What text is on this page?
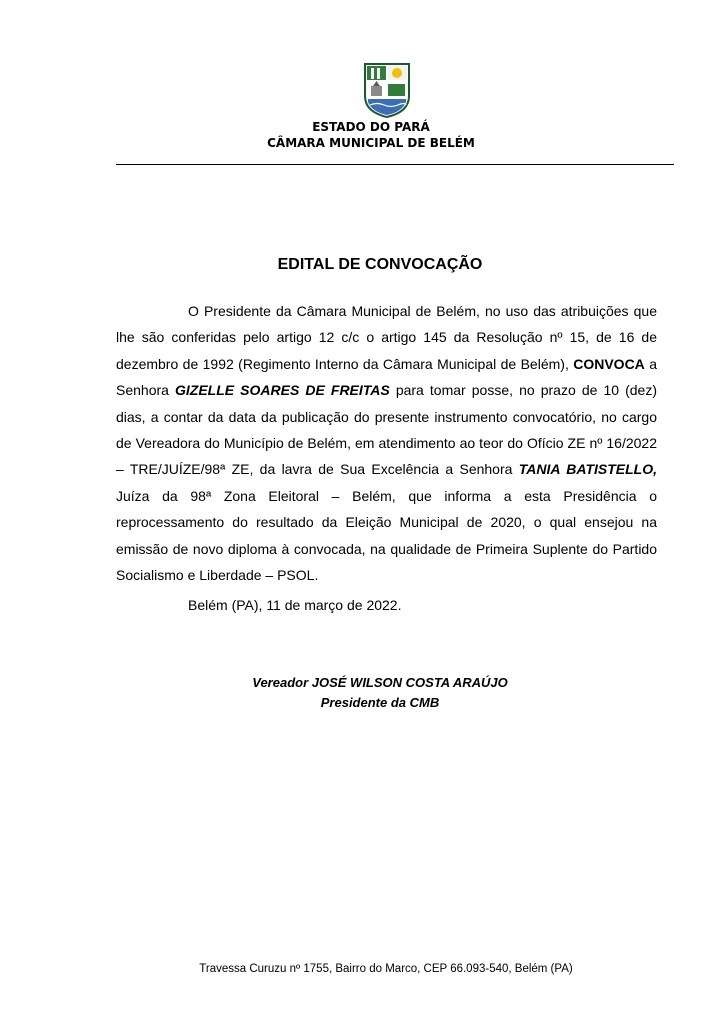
ESTADO DO PARÁ
CÂMARA MUNICIPAL DE BELÉM
EDITAL DE CONVOCAÇÃO

O Presidente da Câmara Municipal de Belém, no uso das atribuições que lhe são conferidas pelo artigo 12 c/c o artigo 145 da Resolução nº 15, de 16 de dezembro de 1992 (Regimento Interno da Câmara Municipal de Belém), CONVOCA a Senhora GIZELLE SOARES DE FREITAS para tomar posse, no prazo de 10 (dez) dias, a contar da data da publicação do presente instrumento convocatório, no cargo de Vereadora do Município de Belém, em atendimento ao teor do Ofício ZE nº 16/2022 – TRE/JUÍZE/98ª ZE, da lavra de Sua Excelência a Senhora TANIA BATISTELLO, Juíza da 98ª Zona Eleitoral – Belém, que informa a esta Presidência o reprocessamento do resultado da Eleição Municipal de 2020, o qual ensejou na emissão de novo diploma à convocada, na qualidade de Primeira Suplente do Partido Socialismo e Liberdade – PSOL.

Belém (PA), 11 de março de 2022.
Vereador JOSÉ WILSON COSTA ARAÚJO
Presidente da CMB
Travessa Curuzu nº 1755, Bairro do Marco, CEP 66.093-540, Belém (PA)
